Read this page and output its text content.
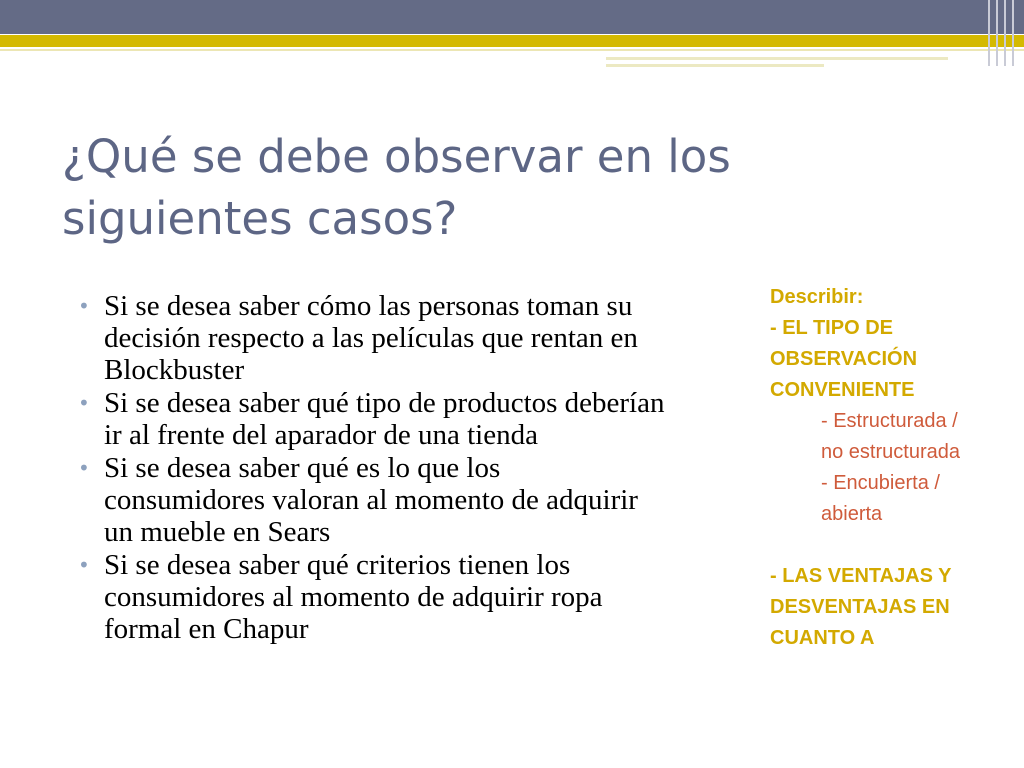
¿Qué se debe observar en los siguientes casos?
• Si se desea saber cómo las personas toman su decisión respecto a las películas que rentan en Blockbuster
• Si se desea saber qué tipo de productos deberían ir al frente del aparador de una tienda
• Si se desea saber qué es lo que los consumidores valoran al momento de adquirir un mueble en Sears
• Si se desea saber qué criterios tienen los consumidores al momento de adquirir ropa formal en Chapur
Describir:
- EL TIPO DE OBSERVACIÓN CONVENIENTE
- Estructurada / no estructurada
- Encubierta / abierta
- LAS VENTAJAS Y DESVENTAJAS EN CUANTO A
